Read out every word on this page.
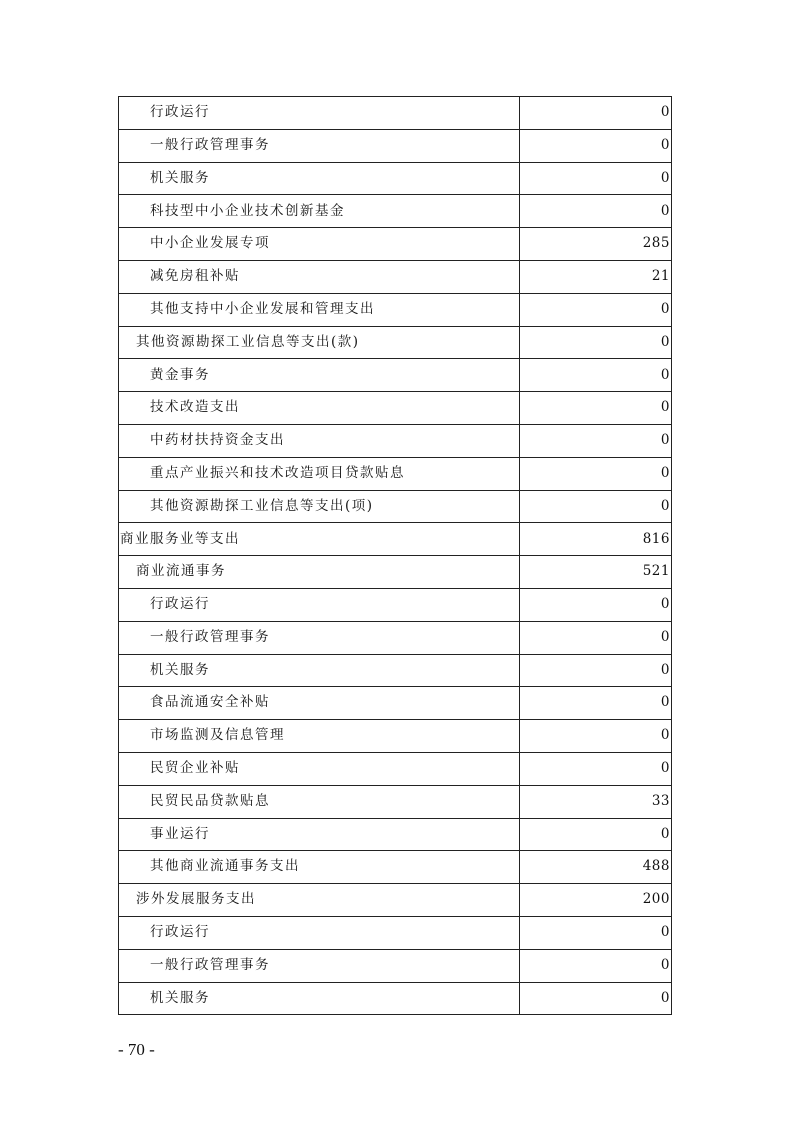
行政运行	0
一般行政管理事务	0
机关服务	0
科技型中小企业技术创新基金	0
中小企业发展专项	285
减免房租补贴	21
其他支持中小企业发展和管理支出	0
其他资源勘探工业信息等支出(款)	0
黄金事务	0
技术改造支出	0
中药材扶持资金支出	0
重点产业振兴和技术改造项目贷款贴息	0
其他资源勘探工业信息等支出(项)	0
商业服务业等支出	816
商业流通事务	521
行政运行	0
一般行政管理事务	0
机关服务	0
食品流通安全补贴	0
市场监测及信息管理	0
民贸企业补贴	0
民贸民品贷款贴息	33
事业运行	0
其他商业流通事务支出	488
涉外发展服务支出	200
行政运行	0
一般行政管理事务	0
机关服务	0
- 70 -
